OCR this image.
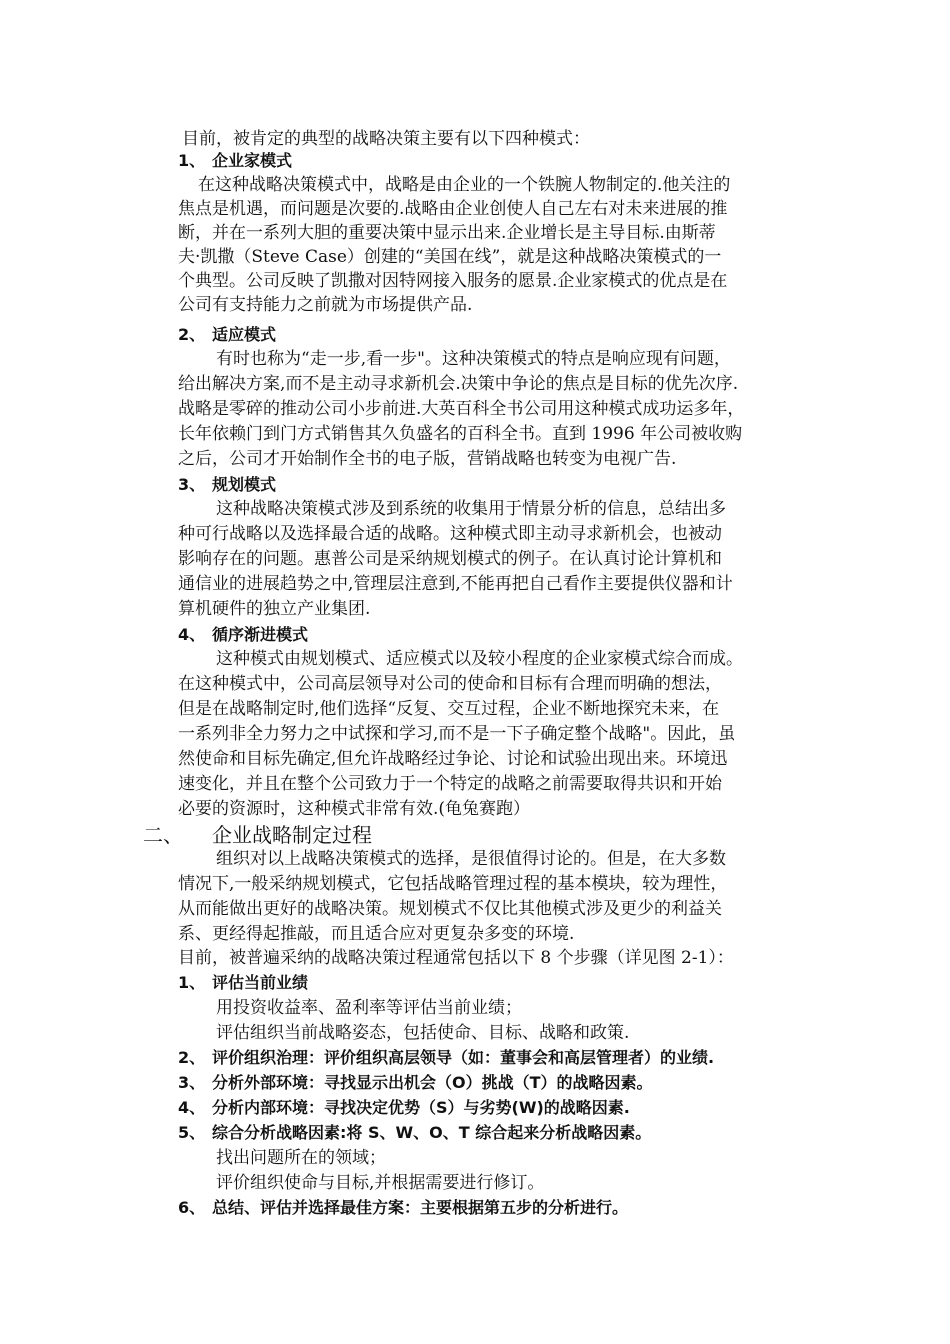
目前，被肯定的典型的战略决策主要有以下四种模式：
1、 企业家模式
在这种战略决策模式中，战略是由企业的一个铁腕人物制定的.他关注的
焦点是机遇，而问题是次要的.战略由企业创使人自己左右对未来进展的推
断，并在一系列大胆的重要决策中显示出来.企业增长是主导目标.由斯蒂
夫·凯撒（Steve Case）创建的“美国在线”，就是这种战略决策模式的一
个典型。公司反映了凯撒对因特网接入服务的愿景.企业家模式的优点是在
公司有支持能力之前就为市场提供产品.
2、 适应模式
有时也称为“走一步,看一步"。这种决策模式的特点是响应现有问题，
给出解决方案,而不是主动寻求新机会.决策中争论的焦点是目标的优先次序.
战略是零碎的推动公司小步前进.大英百科全书公司用这种模式成功运多年，
长年依赖门到门方式销售其久负盛名的百科全书。直到 1996 年公司被收购
之后，公司才开始制作全书的电子版，营销战略也转变为电视广告.
3、 规划模式
这种战略决策模式涉及到系统的收集用于情景分析的信息，总结出多
种可行战略以及选择最合适的战略。这种模式即主动寻求新机会，也被动
影响存在的问题。惠普公司是采纳规划模式的例子。在认真讨论计算机和
通信业的进展趋势之中,管理层注意到,不能再把自己看作主要提供仪器和计
算机硬件的独立产业集团.
4、 循序渐进模式
这种模式由规划模式、适应模式以及较小程度的企业家模式综合而成。
在这种模式中，公司高层领导对公司的使命和目标有合理而明确的想法，
但是在战略制定时,他们选择“反复、交互过程，企业不断地探究未来，在
一系列非全力努力之中试探和学习,而不是一下子确定整个战略"。因此，虽
然使命和目标先确定,但允许战略经过争论、讨论和试验出现出来。环境迅
速变化，并且在整个公司致力于一个特定的战略之前需要取得共识和开始
必要的资源时，这种模式非常有效.(龟兔赛跑）
二、 企业战略制定过程
组织对以上战略决策模式的选择，是很值得讨论的。但是，在大多数
情况下,一般采纳规划模式，它包括战略管理过程的基本模块，较为理性，
从而能做出更好的战略决策。规划模式不仅比其他模式涉及更少的利益关
系、更经得起推敲，而且适合应对更复杂多变的环境.
目前，被普遍采纳的战略决策过程通常包括以下 8 个步骤（详见图 2-1）：
1、 评估当前业绩
用投资收益率、盈利率等评估当前业绩；
评估组织当前战略姿态，包括使命、目标、战略和政策.
2、 评价组织治理：评价组织高层领导（如：董事会和高层管理者）的业绩.
3、 分析外部环境：寻找显示出机会（O）挑战（T）的战略因素。
4、 分析内部环境：寻找决定优势（S）与劣势(W)的战略因素.
5、 综合分析战略因素:将 S、W、O、T 综合起来分析战略因素。
找出问题所在的领域；
评价组织使命与目标,并根据需要进行修订。
6、 总结、评估并选择最佳方案：主要根据第五步的分析进行。
